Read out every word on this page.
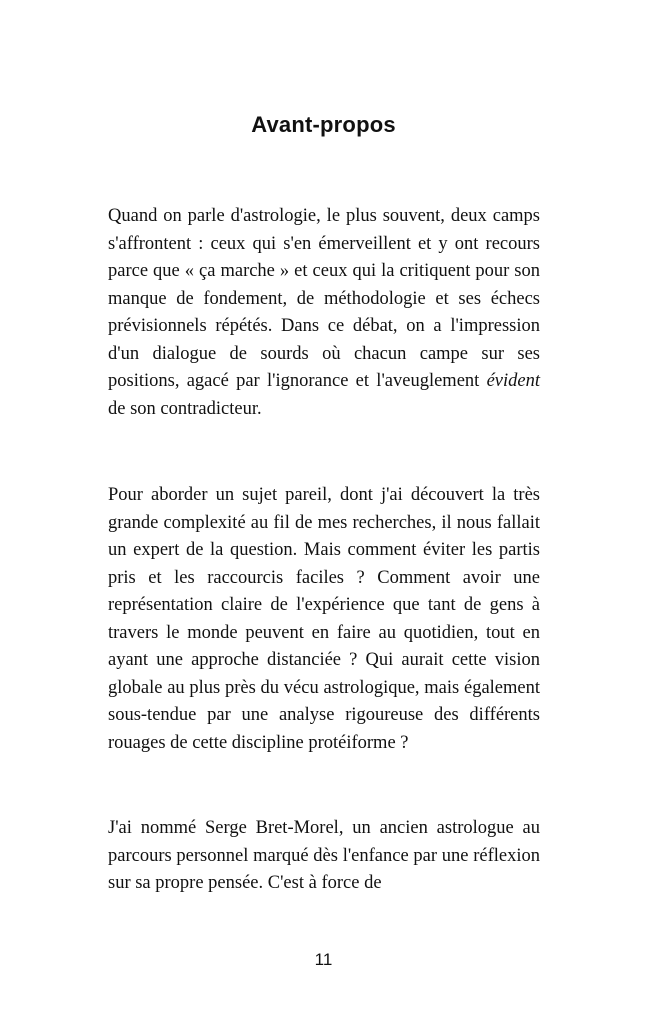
Avant-propos

Quand on parle d'astrologie, le plus souvent, deux camps s'affrontent : ceux qui s'en émerveillent et y ont recours parce que « ça marche » et ceux qui la critiquent pour son manque de fondement, de méthodologie et ses échecs prévisionnels répétés. Dans ce débat, on a l'impression d'un dialogue de sourds où chacun campe sur ses positions, agacé par l'ignorance et l'aveuglement évident de son contradicteur.

Pour aborder un sujet pareil, dont j'ai découvert la très grande complexité au fil de mes recherches, il nous fallait un expert de la question. Mais comment éviter les partis pris et les raccourcis faciles ? Comment avoir une représentation claire de l'expérience que tant de gens à travers le monde peuvent en faire au quotidien, tout en ayant une approche distanciée ? Qui aurait cette vision globale au plus près du vécu astrologique, mais également sous-tendue par une analyse rigoureuse des différents rouages de cette discipline protéiforme ?

J'ai nommé Serge Bret-Morel, un ancien astrologue au parcours personnel marqué dès l'enfance par une réflexion sur sa propre pensée. C'est à force de

11
